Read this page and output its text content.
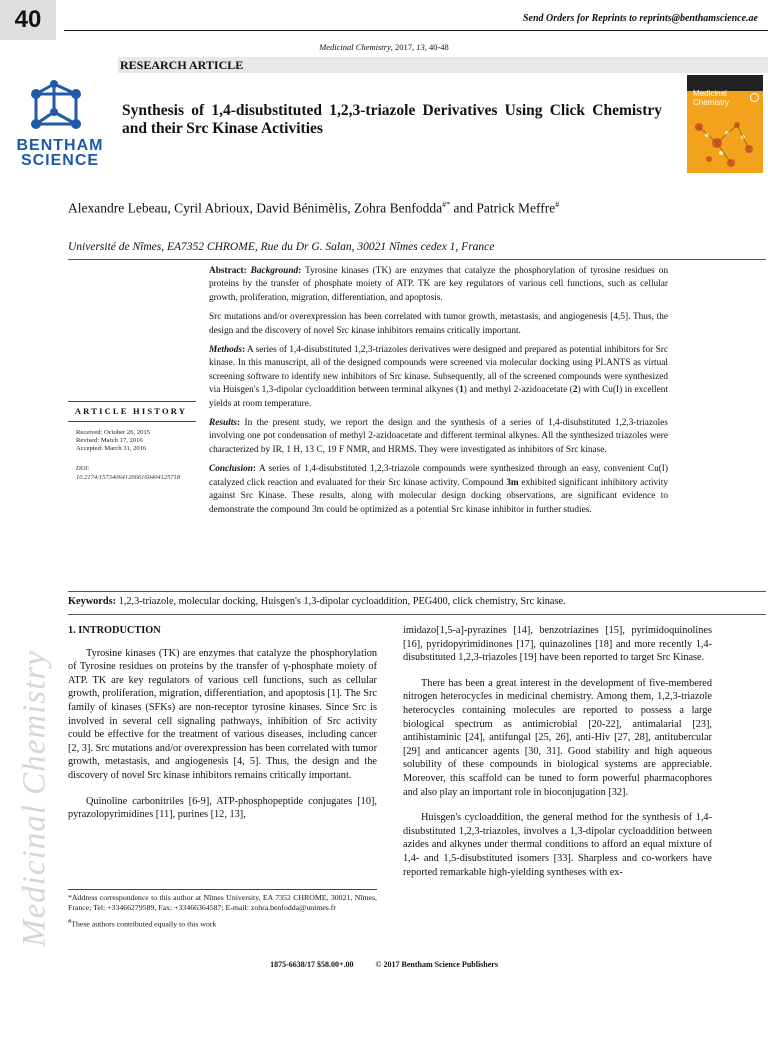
40	Send Orders for Reprints to reprints@benthamscience.ae
Medicinal Chemistry, 2017, 13, 40-48
RESEARCH ARTICLE
BENTHAM
SCIENCE
Synthesis of 1,4-disubstituted 1,2,3-triazole Derivatives Using Click Chemistry and their Src Kinase Activities
Medicinal
Chemistry
Alexandre Lebeau, Cyril Abrioux, David Bénimèlis, Zohra Benfodda#* and Patrick Meffre#
Université de Nîmes, EA7352 CHROME, Rue du Dr G. Salan, 30021 Nîmes cedex 1, France
ARTICLE HISTORY
Received: October 26, 2015
Revised: March 17, 2016
Accepted: March 31, 2016
DOI:
10.2174/1573406412666160404125718

Abstract: Background: Tyrosine kinases (TK) are enzymes that catalyze the phosphorylation of tyrosine residues on proteins by the transfer of phosphate moiety of ATP. TK are key regulators of various cell functions, such as cellular growth, proliferation, migration, differentiation, and apoptosis.

Src mutations and/or overexpression has been correlated with tumor growth, metastasis, and angiogenesis [4,5]. Thus, the design and the discovery of novel Src kinase inhibitors remains critically important.

Methods: A series of 1,4-disubstituted 1,2,3-triazoles derivatives were designed and prepared as potential inhibitors for Src kinase. In this manuscript, all of the designed compounds were screened via molecular docking using PLANTS as virtual screening software to identify new inhibitors of Src kinase. Subsequently, all of the screened compounds were synthesized via Huisgen's 1,3-dipolar cycloaddition between terminal alkynes (1) and methyl 2-azidoacetate (2) with Cu(I) in excellent yields at room temperature.

Results: In the present study, we report the design and the synthesis of a series of 1,4-disubstituted 1,2,3-triazoles involving one pot condensation of methyl 2-azidoacetate and different terminal alkynes. All the synthesized triazoles were characterized by IR, 1 H, 13 C, 19 F NMR, and HRMS. They were investigated as inhibitors of Src kinase.

Conclusion: A series of 1,4-disubstituted 1,2,3-triazole compounds were synthesized through an easy, convenient Cu(I) catalyzed click reaction and evaluated for their Src kinase activity. Compound 3m exhibited significant inhibitory activity against Src Kinase. These results, along with molecular design docking observations, are significant evidence to demonstrate the compound 3m could be optimized as a potential Src kinase inhibitor in further studies.

Keywords: 1,2,3-triazole, molecular docking, Huisgen's 1,3-dipolar cycloaddition, PEG400, click chemistry, Src kinase.
1. INTRODUCTION

Tyrosine kinases (TK) are enzymes that catalyze the phosphorylation of Tyrosine residues on proteins by the transfer of γ-phosphate moiety of ATP. TK are key regulators of various cell functions, such as cellular growth, proliferation, migration, differentiation, and apoptosis [1]. The Src family of kinases (SFKs) are non-receptor tyrosine kinases. Since Src is involved in several cell signaling pathways, inhibition of Src activity could be effective for the treatment of various diseases, including cancer [2, 3]. Src mutations and/or overexpression has been correlated with tumor growth, metastasis, and angiogenesis [4, 5]. Thus, the design and the discovery of novel Src kinase inhibitors remains critically important.

Quinoline carbonitriles [6-9], ATP-phosphopeptide conjugates [10], pyrazolopyrimidines [11], purines [12, 13],

imidazo[1,5-a]-pyrazines [14], benzotriazines [15], pyrimidoquinolines [16], pyridopyrimidinones [17], quinazolines [18] and more recently 1,4-disubstituted 1,2,3-triazoles [19] have been reported to target Src Kinase.

There has been a great interest in the development of five-membered nitrogen heterocycles in medicinal chemistry. Among them, 1,2,3-triazole heterocycles containing molecules are reported to possess a large biological spectrum as antimicrobial [20-22], antimalarial [23], antihistaminic [24], antifungal [25, 26], anti-Hiv [27, 28], antitubercular [29] and anticancer agents [30, 31]. Good stability and high aqueous solubility of these compounds in biological systems are appreciable. Moreover, this scaffold can be tuned to form powerful pharmacophores and also play an important role in bioconjugation [32].

Huisgen's cycloaddition, the general method for the synthesis of 1,4-disubstituted 1,2,3-triazoles, involves a 1,3-dipolar cycloaddition between azides and alkynes under thermal conditions to afford an equal mixture of 1,4- and 1,5-disubstituted isomers [33]. Sharpless and co-workers have reported remarkable high-yielding syntheses with ex-

*Address correspondence to this author at Nîmes University, EA 7352 CHROME, 30021, Nîmes, France; Tel: +33466279589, Fax: +33466364587; E-mail: zohra.benfodda@unimes.fr

#These authors contributed equally to this work

1875-6638/17 $58.00+.00	© 2017 Bentham Science Publishers
Medicinal Chemistry
